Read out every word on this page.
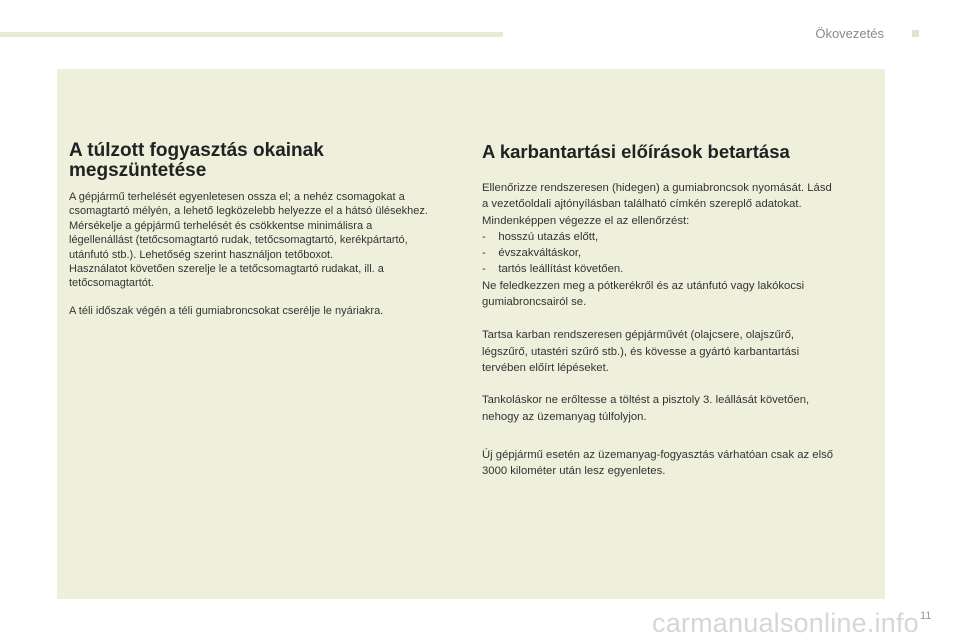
Ökovezetés
A túlzott fogyasztás okainak
megszüntetése

A gépjármű terhelését egyenletesen ossza el; a nehéz csomagokat a
csomagtartó mélyén, a lehető legközelebb helyezze el a hátsó ülésekhez.
Mérsékelje a gépjármű terhelését és csökkentse minimálisra a
légellenállást (tetőcsomagtartó rudak, tetőcsomagtartó, kerékpártartó,
utánfutó stb.). Lehetőség szerint használjon tetőboxot.
Használatot követően szerelje le a tetőcsomagtartó rudakat, ill. a
tetőcsomagtartót.

A téli időszak végén a téli gumiabroncsokat cserélje le nyáriakra.

A karbantartási előírások betartása

Ellenőrizze rendszeresen (hidegen) a gumiabroncsok nyomását. Lásd
a vezetőoldali ajtónyílásban található címkén szereplő adatokat.
Mindenképpen végezze el az ellenőrzést:
-    hosszú utazás előtt,
-    évszakváltáskor,
-    tartós leállítást követően.
Ne feledkezzen meg a pótkerékről és az utánfutó vagy lakókocsi
gumiabroncsairól se.

Tartsa karban rendszeresen gépjárművét (olajcsere, olajszűrő,
légszűrő, utastéri szűrő stb.), és kövesse a gyártó karbantartási
tervében előírt lépéseket.

Tankoláskor ne erőltesse a töltést a pisztoly 3. leállását követően,
nehogy az üzemanyag túlfolyjon.

Új gépjármű esetén az üzemanyag-fogyasztás várhatóan csak az első
3000 kilométer után lesz egyenletes.

carmanualsonline.info 11
